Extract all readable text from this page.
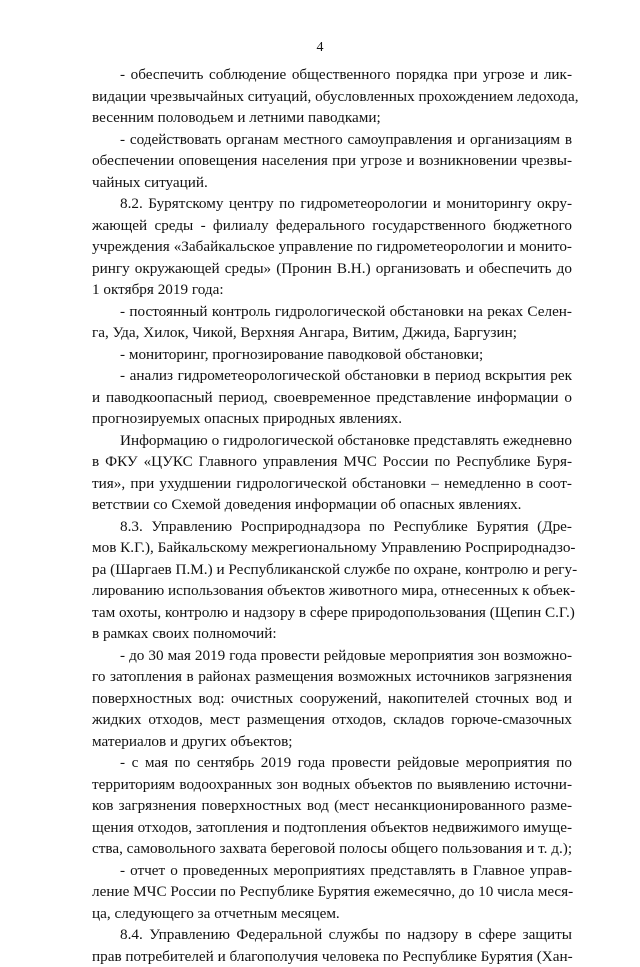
4
- обеспечить соблюдение общественного порядка при угрозе и лик-
видации чрезвычайных ситуаций, обусловленных прохождением ледохода,
весенним половодьем и летними паводками;
- содействовать органам местного самоуправления и организациям в
обеспечении оповещения населения при угрозе и возникновении чрезвы-
чайных ситуаций.
8.2. Бурятскому центру по гидрометеорологии и мониторингу окру-
жающей среды - филиалу федерального государственного бюджетного
учреждения «Забайкальское управление по гидрометеорологии и монито-
рингу окружающей среды» (Пронин В.Н.) организовать и обеспечить до
1 октября 2019 года:
- постоянный контроль гидрологической обстановки на реках Селен-
га, Уда, Хилок, Чикой, Верхняя Ангара, Витим, Джида, Баргузин;
- мониторинг, прогнозирование паводковой обстановки;
- анализ гидрометеорологической обстановки в период вскрытия рек
и паводкоопасный период, своевременное представление информации о
прогнозируемых опасных природных явлениях.
Информацию о гидрологической обстановке представлять ежедневно
в ФКУ «ЦУКС Главного управления МЧС России по Республике Буря-
тия», при ухудшении гидрологической обстановки – немедленно в соот-
ветствии со Схемой доведения информации об опасных явлениях.
8.3. Управлению Росприроднадзора по Республике Бурятия (Дре-
мов К.Г.), Байкальскому межрегиональному Управлению Росприроднадзо-
ра (Шаргаев П.М.) и Республиканской службе по охране, контролю и регу-
лированию использования объектов животного мира, отнесенных к объек-
там охоты, контролю и надзору в сфере природопользования (Щепин С.Г.)
в рамках своих полномочий:
- до 30 мая 2019 года провести рейдовые мероприятия зон возможно-
го затопления в районах размещения возможных источников загрязнения
поверхностных вод: очистных сооружений, накопителей сточных вод и
жидких отходов, мест размещения отходов, складов горюче-смазочных
материалов и других объектов;
- с мая по сентябрь 2019 года провести рейдовые мероприятия по
территориям водоохранных зон водных объектов по выявлению источни-
ков загрязнения поверхностных вод (мест несанкционированного разме-
щения отходов, затопления и подтопления объектов недвижимого имуще-
ства, самовольного захвата береговой полосы общего пользования и т. д.);
- отчет о проведенных мероприятиях представлять в Главное управ-
ление МЧС России по Республике Бурятия ежемесячно, до 10 числа меся-
ца, следующего за отчетным месяцем.
8.4. Управлению Федеральной службы по надзору в сфере защиты
прав потребителей и благополучия человека по Республике Бурятия (Хан-
